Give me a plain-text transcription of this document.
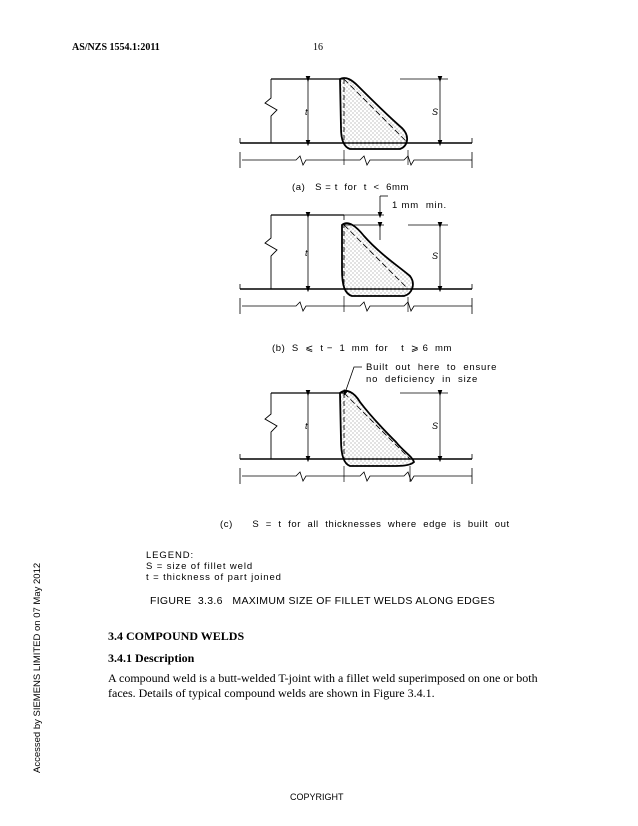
AS/NZS 1554.1:2011	16
t	S
t	S
t	S
1 mm  min.
Built  out  here  to  ensure
no  deficiency  in  size
(a)   S = t  for  t  <  6mm
(b)  S  ⩽  t −  1  mm  for    t  ⩾ 6  mm
(c)      S  =  t  for  all  thicknesses  where  edge  is  built  out
LEGEND:
S = size of fillet weld
t = thickness of part joined
FIGURE  3.3.6   MAXIMUM SIZE OF FILLET WELDS ALONG EDGES
3.4 COMPOUND WELDS
3.4.1 Description
A compound weld is a butt-welded T-joint with a fillet weld superimposed on one or both faces. Details of typical compound welds are shown in Figure 3.4.1.
Accessed by SIEMENS LIMITED on 07 May 2012
COPYRIGHT
